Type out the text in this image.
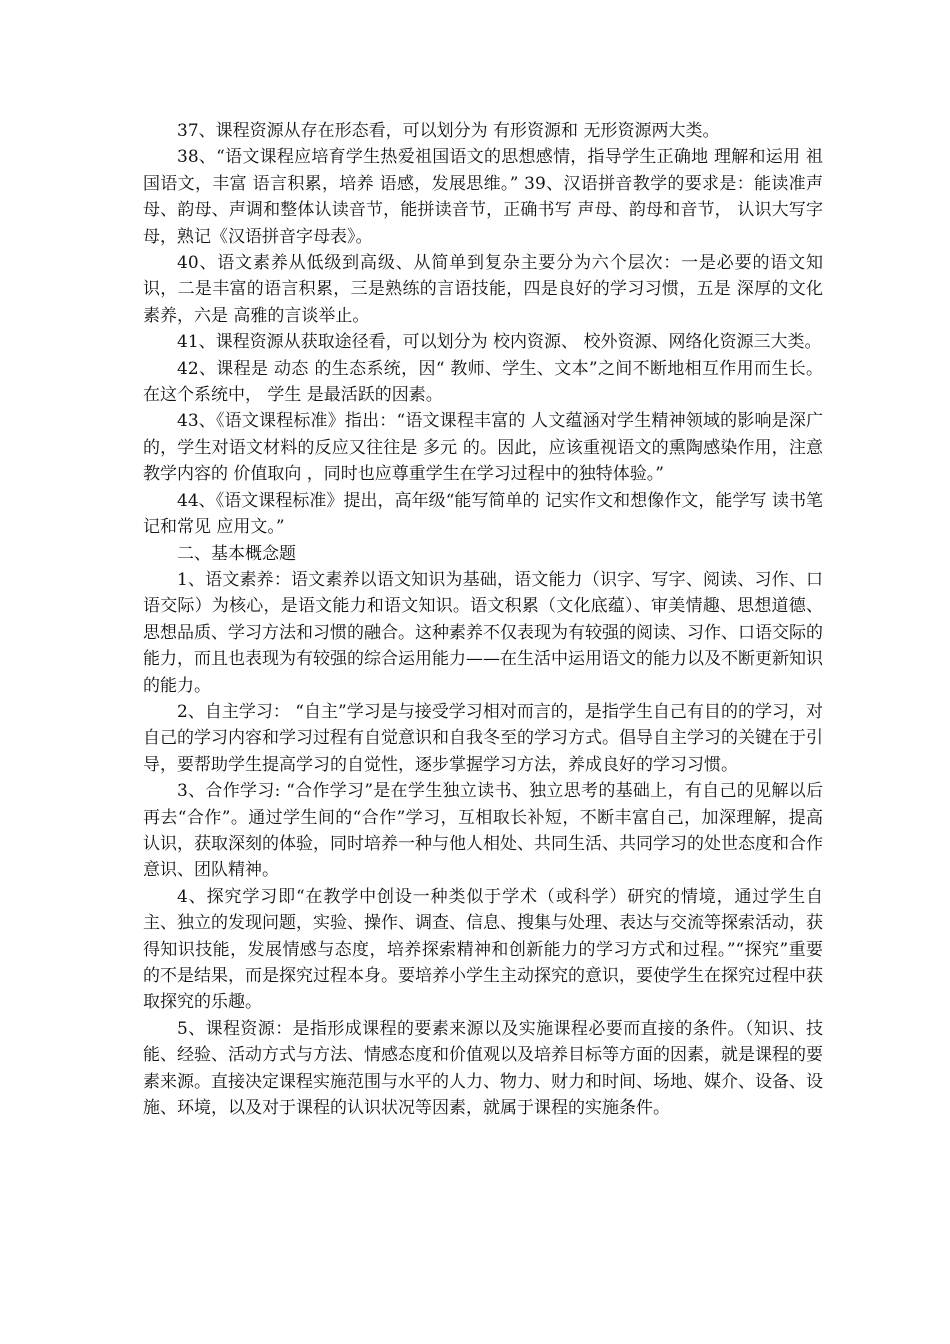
37、课程资源从存在形态看，可以划分为 有形资源和 无形资源两大类。

38、“语文课程应培育学生热爱祖国语文的思想感情，指导学生正确地 理解和运用 祖国语文，丰富 语言积累，培养 语感，发展思维。” 39、汉语拼音教学的要求是：能读准声母、韵母、声调和整体认读音节，能拼读音节，正确书写 声母、韵母和音节， 认识大写字母，熟记《汉语拼音字母表》。

40、语文素养从低级到高级、从简单到复杂主要分为六个层次：一是必要的语文知识，二是丰富的语言积累，三是熟练的言语技能，四是良好的学习习惯，五是 深厚的文化素养，六是 高雅的言谈举止。

41、课程资源从获取途径看，可以划分为 校内资源、 校外资源、网络化资源三大类。

42、课程是 动态 的生态系统，因“ 教师、学生、文本”之间不断地相互作用而生长。在这个系统中， 学生 是最活跃的因素。

43、《语文课程标准》指出：“语文课程丰富的 人文蕴涵对学生精神领域的影响是深广的，学生对语文材料的反应又往往是 多元 的。因此，应该重视语文的熏陶感染作用，注意教学内容的 价值取向 ，同时也应尊重学生在学习过程中的独特体验。”

44、《语文课程标准》提出，高年级“能写简单的 记实作文和想像作文，能学写 读书笔记和常见 应用文。”

二、基本概念题

1、语文素养：语文素养以语文知识为基础，语文能力（识字、写字、阅读、习作、口语交际）为核心，是语文能力和语文知识。语文积累（文化底蕴）、审美情趣、思想道德、思想品质、学习方法和习惯的融合。这种素养不仅表现为有较强的阅读、习作、口语交际的能力，而且也表现为有较强的综合运用能力——在生活中运用语文的能力以及不断更新知识的能力。

2、自主学习： “自主”学习是与接受学习相对而言的，是指学生自己有目的的学习，对自己的学习内容和学习过程有自觉意识和自我冬至的学习方式。倡导自主学习的关键在于引导，要帮助学生提高学习的自觉性，逐步掌握学习方法，养成良好的学习习惯。

3、合作学习: “合作学习”是在学生独立读书、独立思考的基础上，有自己的见解以后再去“合作”。通过学生间的“合作”学习，互相取长补短，不断丰富自己，加深理解，提高认识，获取深刻的体验，同时培养一种与他人相处、共同生活、共同学习的处世态度和合作意识、团队精神。

4、探究学习即“在教学中创设一种类似于学术（或科学）研究的情境，通过学生自主、独立的发现问题，实验、操作、调查、信息、搜集与处理、表达与交流等探索活动，获得知识技能，发展情感与态度，培养探索精神和创新能力的学习方式和过程。”“探究”重要的不是结果，而是探究过程本身。要培养小学生主动探究的意识，要使学生在探究过程中获取探究的乐趣。

5、课程资源：是指形成课程的要素来源以及实施课程必要而直接的条件。（知识、技能、经验、活动方式与方法、情感态度和价值观以及培养目标等方面的因素，就是课程的要素来源。直接决定课程实施范围与水平的人力、物力、财力和时间、场地、媒介、设备、设施、环境，以及对于课程的认识状况等因素，就属于课程的实施条件。
